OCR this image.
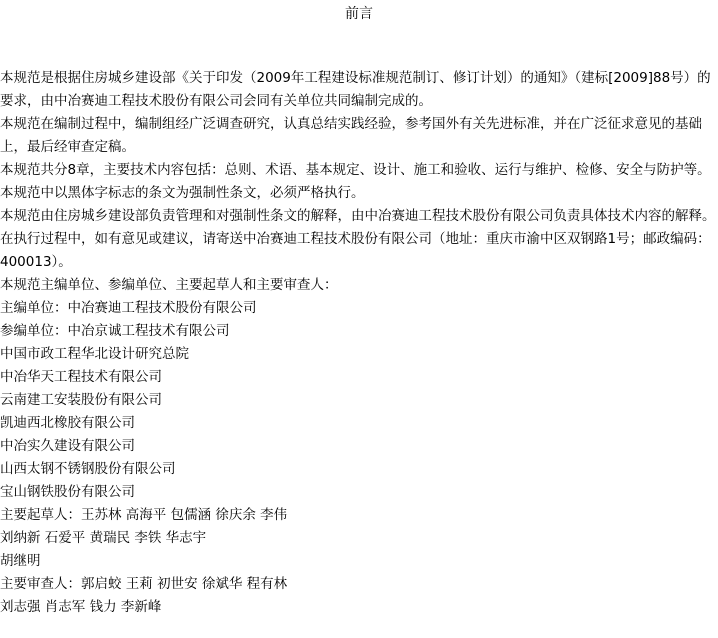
前言

本规范是根据住房城乡建设部《关于印发（2009年工程建设标准规范制订、修订计划）的通知》（建标[2009]88号）的要求，由中冶赛迪工程技术股份有限公司会同有关单位共同编制完成的。

本规范在编制过程中，编制组经广泛调查研究，认真总结实践经验，参考国外有关先进标准，并在广泛征求意见的基础上，最后经审查定稿。

本规范共分8章，主要技术内容包括：总则、术语、基本规定、设计、施工和验收、运行与维护、检修、安全与防护等。

本规范中以黑体字标志的条文为强制性条文，必须严格执行。

本规范由住房城乡建设部负责管理和对强制性条文的解释，由中冶赛迪工程技术股份有限公司负责具体技术内容的解释。在执行过程中，如有意见或建议，请寄送中冶赛迪工程技术股份有限公司（地址：重庆市渝中区双钢路1号；邮政编码：400013）。

本规范主编单位、参编单位、主要起草人和主要审查人：

主编单位：中冶赛迪工程技术股份有限公司

参编单位：中冶京诚工程技术有限公司

中国市政工程华北设计研究总院

中冶华天工程技术有限公司

云南建工安装股份有限公司

凯迪西北橡胶有限公司

中冶实久建设有限公司

山西太钢不锈钢股份有限公司

宝山钢铁股份有限公司

主要起草人：王苏林 高海平 包儒涵 徐庆余 李伟

刘纳新 石爱平 黄瑞民 李铁 华志宇

胡继明

主要审查人：郭启蛟 王莉 初世安 徐斌华 程有林

刘志强 肖志军 钱力 李新峰
